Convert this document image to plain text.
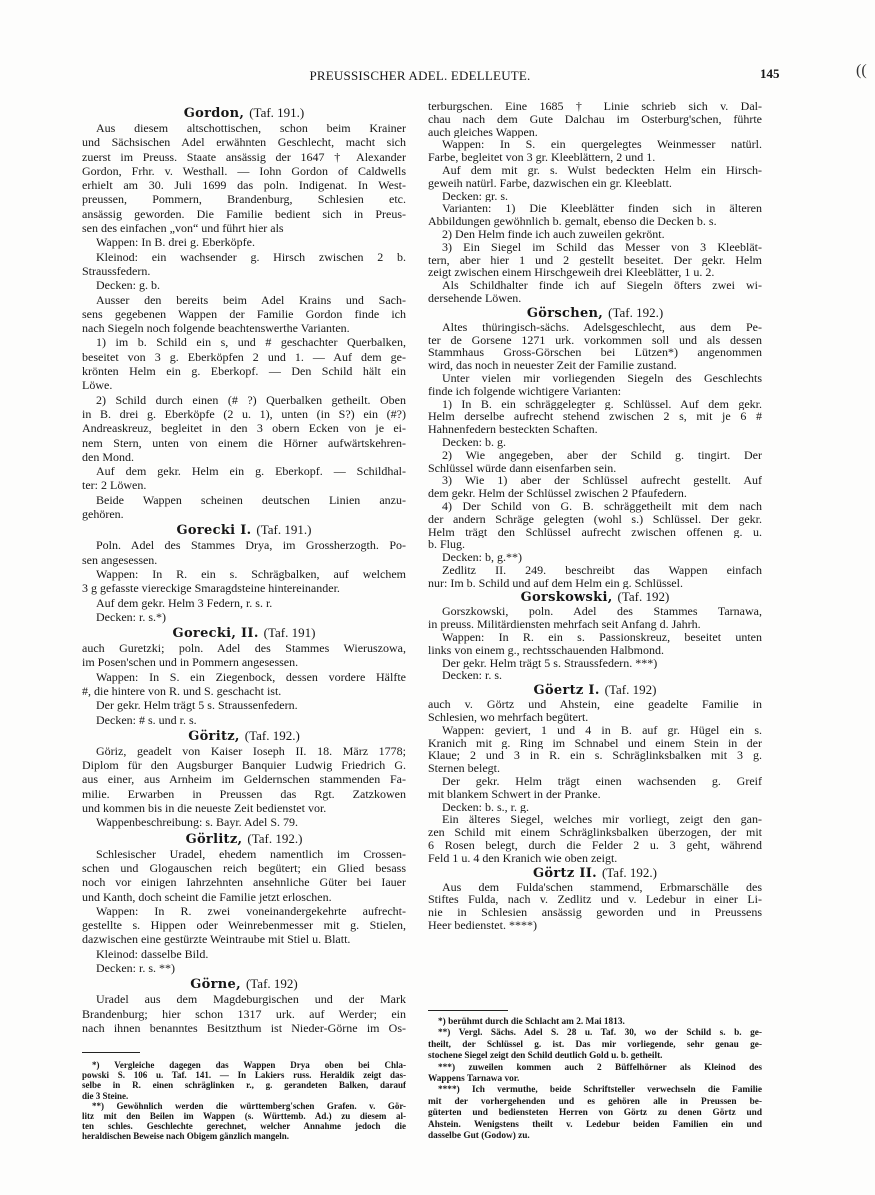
PREUSSISCHER ADEL. EDELLEUTE.	145	((
Gordon, (Taf. 191.)
Aus diesem altschottischen, schon beim Krainer
und Sächsischen Adel erwähnten Geschlecht, macht sich
zuerst im Preuss. Staate ansässig der 1647 † Alexander
Gordon, Frhr. v. Westhall. — Iohn Gordon of Caldwells
erhielt am 30. Juli 1699 das poln. Indigenat. In West-
preussen, Pommern, Brandenburg, Schlesien etc.
ansässig geworden. Die Familie bedient sich in Preus-
sen des einfachen „von“ und führt hier als
Wappen: In B. drei g. Eberköpfe.
Kleinod: ein wachsender g. Hirsch zwischen 2 b.
Straussfedern.
Decken: g. b.
Ausser den bereits beim Adel Krains und Sach-
sens gegebenen Wappen der Familie Gordon finde ich
nach Siegeln noch folgende beachtenswerthe Varianten.
1) im b. Schild ein s, und # geschachter Querbalken,
beseitet von 3 g. Eberköpfen 2 und 1. — Auf dem ge-
krönten Helm ein g. Eberkopf. — Den Schild hält ein
Löwe.
2) Schild durch einen (# ?) Querbalken getheilt. Oben
in B. drei g. Eberköpfe (2 u. 1), unten (in S?) ein (#?)
Andreaskreuz, begleitet in den 3 obern Ecken von je ei-
nem Stern, unten von einem die Hörner aufwärtskehren-
den Mond.
Auf dem gekr. Helm ein g. Eberkopf. — Schildhal-
ter: 2 Löwen.
Beide Wappen scheinen deutschen Linien anzu-
gehören.
Gorecki I. (Taf. 191.)
Poln. Adel des Stammes Drya, im Grossherzogth. Po-
sen angesessen.
Wappen: In R. ein s. Schrägbalken, auf welchem
3 g gefasste viereckige Smaragdsteine hintereinander.
Auf dem gekr. Helm 3 Federn, r. s. r.
Decken: r. s.*)
Gorecki, II. (Taf. 191)
auch Guretzki; poln. Adel des Stammes Wieruszowa,
im Posen'schen und in Pommern angesessen.
Wappen: In S. ein Ziegenbock, dessen vordere Hälfte
#, die hintere von R. und S. geschacht ist.
Der gekr. Helm trägt 5 s. Straussenfedern.
Decken: # s. und r. s.
Göritz, (Taf. 192.)
Göriz, geadelt von Kaiser Ioseph II. 18. März 1778;
Diplom für den Augsburger Banquier Ludwig Friedrich G.
aus einer, aus Arnheim im Geldernschen stammenden Fa-
milie. Erwarben in Preussen das Rgt. Zatzkowen
und kommen bis in die neueste Zeit bedienstet vor.
Wappenbeschreibung: s. Bayr. Adel S. 79.
Görlitz, (Taf. 192.)
Schlesischer Uradel, ehedem namentlich im Crossen-
schen und Glogauschen reich begütert; ein Glied besass
noch vor einigen Iahrzehnten ansehnliche Güter bei Iauer
und Kanth, doch scheint die Familie jetzt erloschen.
Wappen: In R. zwei voneinandergekehrte aufrecht-
gestellte s. Hippen oder Weinrebenmesser mit g. Stielen,
dazwischen eine gestürzte Weintraube mit Stiel u. Blatt.
Kleinod: dasselbe Bild.
Decken: r. s. **)
Görne, (Taf. 192)
Uradel aus dem Magdeburgischen und der Mark
Brandenburg; hier schon 1317 urk. auf Werder; ein
nach ihnen benanntes Besitzthum ist Nieder-Görne im Os-
terburgschen. Eine 1685 † Linie schrieb sich v. Dal-
chau nach dem Gute Dalchau im Osterburg'schen, führte
auch gleiches Wappen.
Wappen: In S. ein quergelegtes Weinmesser natürl.
Farbe, begleitet von 3 gr. Kleeblättern, 2 und 1.
Auf dem mit gr. s. Wulst bedeckten Helm ein Hirsch-
geweih natürl. Farbe, dazwischen ein gr. Kleeblatt.
Decken: gr. s.
Varianten: 1) Die Kleeblätter finden sich in älteren
Abbildungen gewöhnlich b. gemalt, ebenso die Decken b. s.
2) Den Helm finde ich auch zuweilen gekrönt.
3) Ein Siegel im Schild das Messer von 3 Kleeblät-
tern, aber hier 1 und 2 gestellt beseitet. Der gekr. Helm
zeigt zwischen einem Hirschgeweih drei Kleeblätter, 1 u. 2.
Als Schildhalter finde ich auf Siegeln öfters zwei wi-
dersehende Löwen.
Görschen, (Taf. 192.)
Altes thüringisch-sächs. Adelsgeschlecht, aus dem Pe-
ter de Gorsene 1271 urk. vorkommen soll und als dessen
Stammhaus Gross-Görschen bei Lützen*) angenommen
wird, das noch in neuester Zeit der Familie zustand.
Unter vielen mir vorliegenden Siegeln des Geschlechts
finde ich folgende wichtigere Varianten:
1) In B. ein schräggelegter g. Schlüssel. Auf dem gekr.
Helm derselbe aufrecht stehend zwischen 2 s, mit je 6 #
Hahnenfedern besteckten Schaften.
Decken: b. g.
2) Wie angegeben, aber der Schild g. tingirt. Der
Schlüssel würde dann eisenfarben sein.
3) Wie 1) aber der Schlüssel aufrecht gestellt. Auf
dem gekr. Helm der Schlüssel zwischen 2 Pfaufedern.
4) Der Schild von G. B. schräggetheilt mit dem nach
der andern Schräge gelegten (wohl s.) Schlüssel. Der gekr.
Helm trägt den Schlüssel aufrecht zwischen offenen g. u.
b. Flug.
Decken: b, g.**)
Zedlitz II. 249. beschreibt das Wappen einfach
nur: Im b. Schild und auf dem Helm ein g. Schlüssel.
Gorskowski, (Taf. 192)
Gorszkowski, poln. Adel des Stammes Tarnawa,
in preuss. Militärdiensten mehrfach seit Anfang d. Jahrh.
Wappen: In R. ein s. Passionskreuz, beseitet unten
links von einem g., rechtsschauenden Halbmond.
Der gekr. Helm trägt 5 s. Straussfedern. ***)
Decken: r. s.
Göertz I. (Taf. 192)
auch v. Görtz und Ahstein, eine geadelte Familie in
Schlesien, wo mehrfach begütert.
Wappen: geviert, 1 und 4 in B. auf gr. Hügel ein s.
Kranich mit g. Ring im Schnabel und einem Stein in der
Klaue; 2 und 3 in R. ein s. Schräglinksbalken mit 3 g.
Sternen belegt.
Der gekr. Helm trägt einen wachsenden g. Greif
mit blankem Schwert in der Pranke.
Decken: b. s., r. g.
Ein älteres Siegel, welches mir vorliegt, zeigt den gan-
zen Schild mit einem Schräglinksbalken überzogen, der mit
6 Rosen belegt, durch die Felder 2 u. 3 geht, während
Feld 1 u. 4 den Kranich wie oben zeigt.
Görtz II. (Taf. 192.)
Aus dem Fulda'schen stammend, Erbmarschälle des
Stiftes Fulda, nach v. Zedlitz und v. Ledebur in einer Li-
nie in Schlesien ansässig geworden und in Preussens
Heer bedienstet. ****)
*) Vergleiche dagegen das Wappen Drya oben bei Chla-
powski S. 106 u. Taf. 141. — In Lakiers russ. Heraldik zeigt das-
selbe in R. einen schräglinken r., g. gerandeten Balken, darauf
die 3 Steine.
**) Gewöhnlich werden die württemberg'schen Grafen. v. Gör-
litz mit den Beilen im Wappen (s. Württemb. Ad.) zu diesem al-
ten schles. Geschlechte gerechnet, welcher Annahme jedoch die
heraldischen Beweise nach Obigem gänzlich mangeln.
*) berühmt durch die Schlacht am 2. Mai 1813.
**) Vergl. Sächs. Adel S. 28 u. Taf. 30, wo der Schild s. b. ge-
theilt, der Schlüssel g. ist. Das mir vorliegende, sehr genau ge-
stochene Siegel zeigt den Schild deutlich Gold u. b. getheilt.
***) zuweilen kommen auch 2 Büffelhörner als Kleinod des
Wappens Tarnawa vor.
****) Ich vermuthe, beide Schriftsteller verwechseln die Familie
mit der vorhergehenden und es gehören alle in Preussen be-
güterten und bediensteten Herren von Görtz zu denen Görtz und
Ahstein. Wenigstens theilt v. Ledebur beiden Familien ein und
dasselbe Gut (Godow) zu.
